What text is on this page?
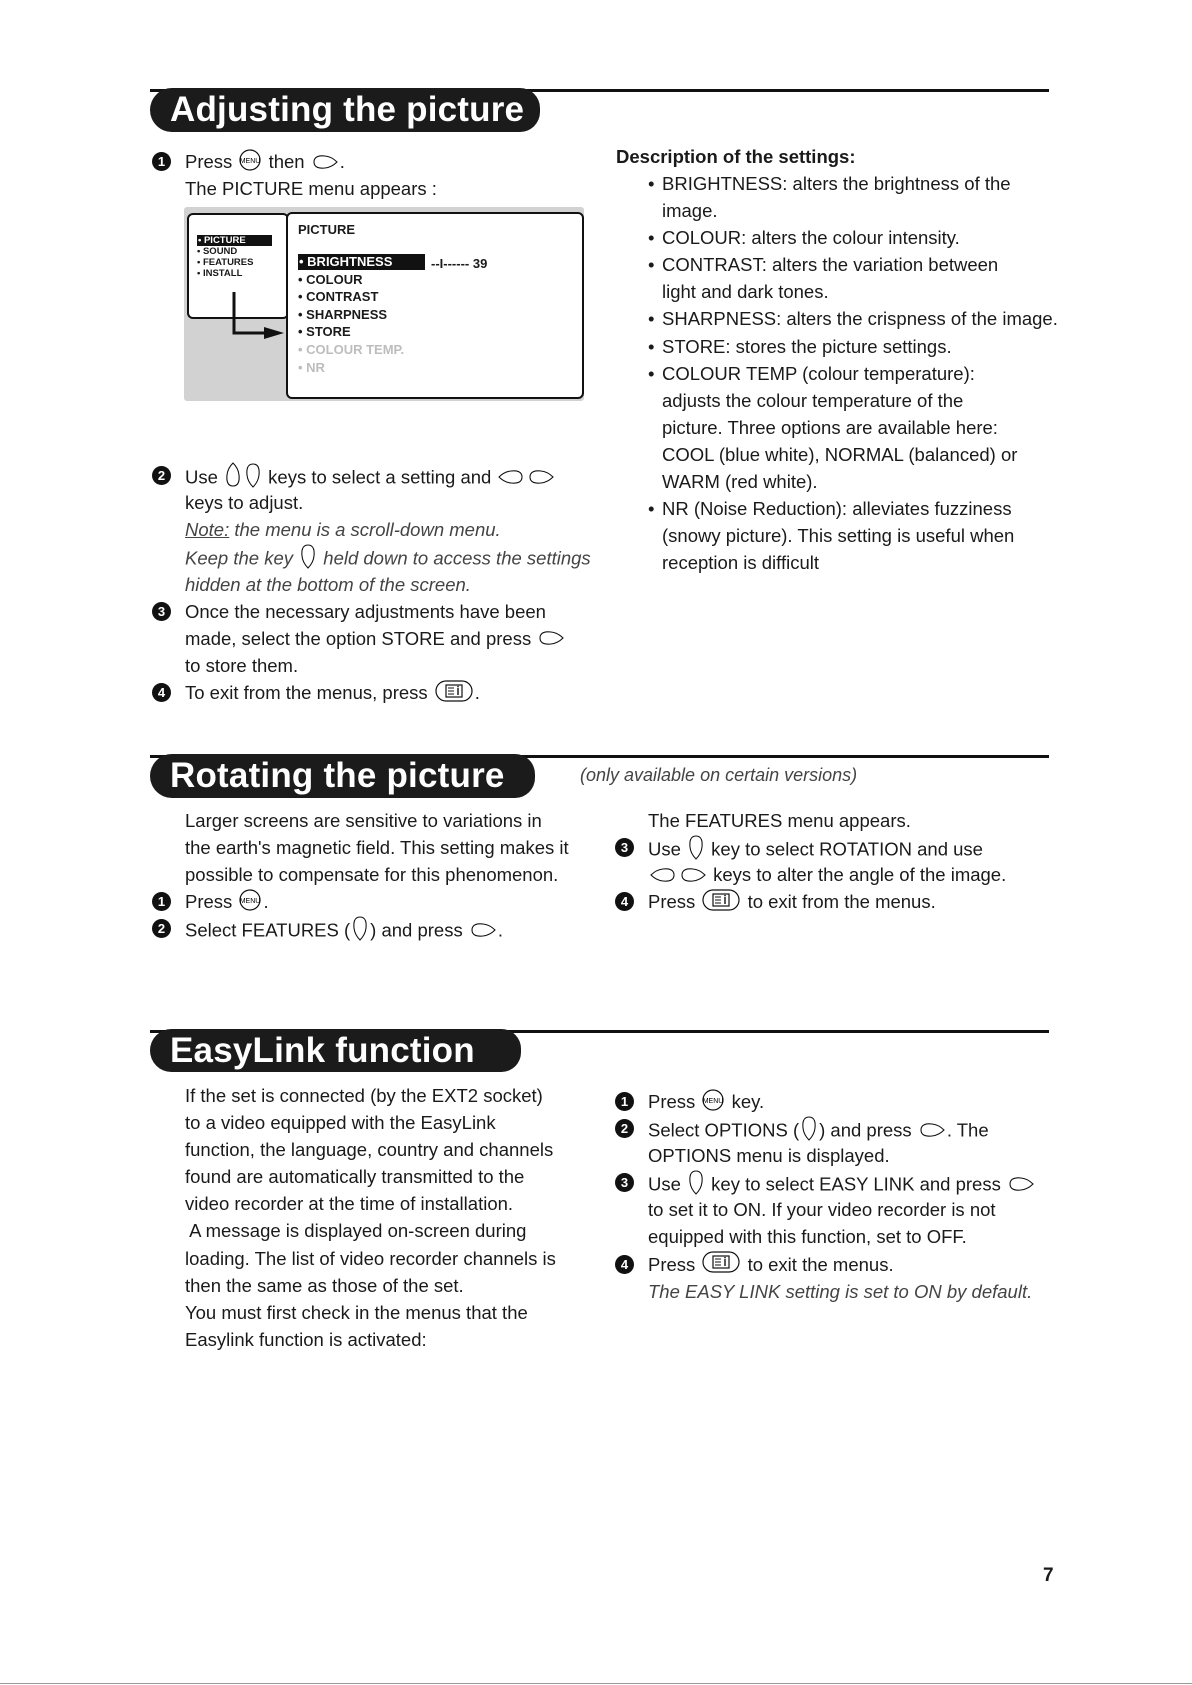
Adjusting the picture
Rotating the picture	(only available on certain versions)
EasyLink function
1	Press MENU then .
The PICTURE menu appears :
2	Use  keys to select a setting and
keys to adjust.
Note: the menu is a scroll-down menu.
Keep the key  held down to access the settings
hidden at the bottom of the screen.
3	Once the necessary adjustments have been
made, select the option STORE and press
to store them.
4	To exit from the menus, press .
Description of the settings:
• BRIGHTNESS: alters the brightness of the
image.
• COLOUR: alters the colour intensity.
• CONTRAST: alters the variation between
light and dark tones.
• SHARPNESS: alters the crispness of the image.
• STORE: stores the picture settings.
• COLOUR TEMP (colour temperature):
adjusts the colour temperature of the
picture. Three options are available here:
COOL (blue white), NORMAL (balanced) or
WARM (red white).
• NR (Noise Reduction): alleviates fuzziness
(snowy picture). This setting is useful when
reception is difficult
Larger screens are sensitive to variations in
the earth's magnetic field. This setting makes it
possible to compensate for this phenomenon.
1	Press MENU .
2	Select FEATURES ( ) and press .
The FEATURES menu appears.
3	Use  key to select ROTATION and use
keys to alter the angle of the image.
4	Press  to exit from the menus.
If the set is connected (by the EXT2 socket)
to a video equipped with the EasyLink
function, the language, country and channels
found are automatically transmitted to the
video recorder at the time of installation.
A message is displayed on-screen during
loading. The list of video recorder channels is
then the same as those of the set.
You must first check in the menus that the
Easylink function is activated:
1	Press MENU key.
2	Select OPTIONS ( ) and press . The
OPTIONS menu is displayed.
3	Use  key to select EASY LINK and press
to set it to ON. If your video recorder is not
equipped with this function, set to OFF.
4	Press  to exit the menus.
The EASY LINK setting is set to ON by default.
• PICTURE
• SOUND
• FEATURES
• INSTALL
PICTURE
• BRIGHTNESS
• COLOUR
• CONTRAST
• SHARPNESS
• STORE
• COLOUR TEMP.
• NR
--I------ 39
7
